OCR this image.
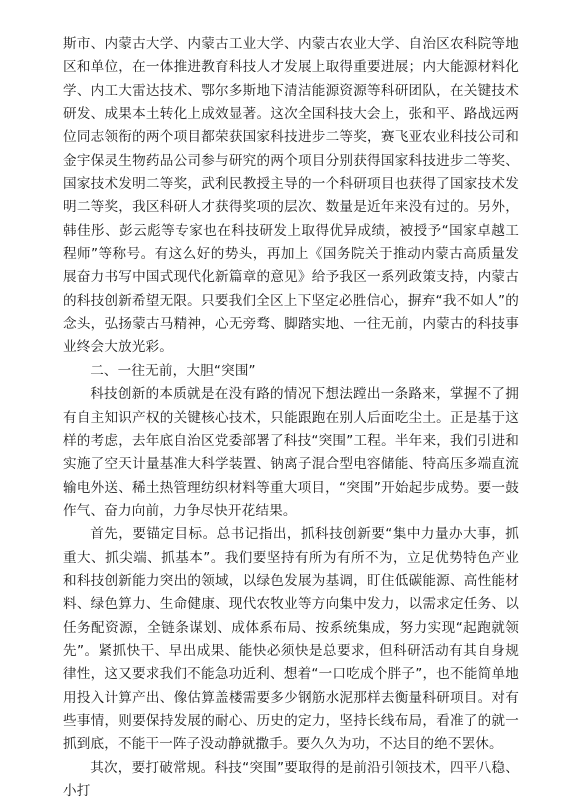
斯市、内蒙古大学、内蒙古工业大学、内蒙古农业大学、自治区农科院等地区和单位，在一体推进教育科技人才发展上取得重要进展；内大能源材料化学、内工大雷达技术、鄂尔多斯地下清洁能源资源等科研团队，在关键技术研发、成果本土转化上成效显著。这次全国科技大会上，张和平、路战远两位同志领衔的两个项目都荣获国家科技进步二等奖，赛飞亚农业科技公司和金宇保灵生物药品公司参与研究的两个项目分别获得国家科技进步二等奖、国家技术发明二等奖，武利民教授主导的一个科研项目也获得了国家技术发明二等奖，我区科研人才获得奖项的层次、数量是近年来没有过的。另外，韩佳彤、彭云彪等专家也在科技研发上取得优异成绩，被授予“国家卓越工程师”等称号。有这么好的势头，再加上《国务院关于推动内蒙古高质量发展奋力书写中国式现代化新篇章的意见》给予我区一系列政策支持，内蒙古的科技创新希望无限。只要我们全区上下坚定必胜信心，摒弃“我不如人”的念头，弘扬蒙古马精神，心无旁骛、脚踏实地、一往无前，内蒙古的科技事业终会大放光彩。

二、一往无前，大胆“突围”

科技创新的本质就是在没有路的情况下想法蹚出一条路来，掌握不了拥有自主知识产权的关键核心技术，只能跟跑在别人后面吃尘土。正是基于这样的考虑，去年底自治区党委部署了科技“突围”工程。半年来，我们引进和实施了空天计量基准大科学装置、钠离子混合型电容储能、特高压多端直流输电外送、稀土热管理纺织材料等重大项目，“突围”开始起步成势。要一鼓作气、奋力向前，力争尽快开花结果。

首先，要锚定目标。总书记指出，抓科技创新要“集中力量办大事，抓重大、抓尖端、抓基本”。我们要坚持有所为有所不为，立足优势特色产业和科技创新能力突出的领域，以绿色发展为基调，盯住低碳能源、高性能材料、绿色算力、生命健康、现代农牧业等方向集中发力，以需求定任务、以任务配资源，全链条谋划、成体系布局、按系统集成，努力实现“起跑就领先”。紧抓快干、早出成果、能快必须快是总要求，但科研活动有其自身规律性，这又要求我们不能急功近利、想着“一口吃成个胖子”，也不能简单地用投入计算产出、像估算盖楼需要多少钢筋水泥那样去衡量科研项目。对有些事情，则要保持发展的耐心、历史的定力，坚持长线布局，看准了的就一抓到底，不能干一阵子没动静就撒手。要久久为功，不达目的绝不罢休。

其次，要打破常规。科技“突围”要取得的是前沿引领技术，四平八稳、小打
